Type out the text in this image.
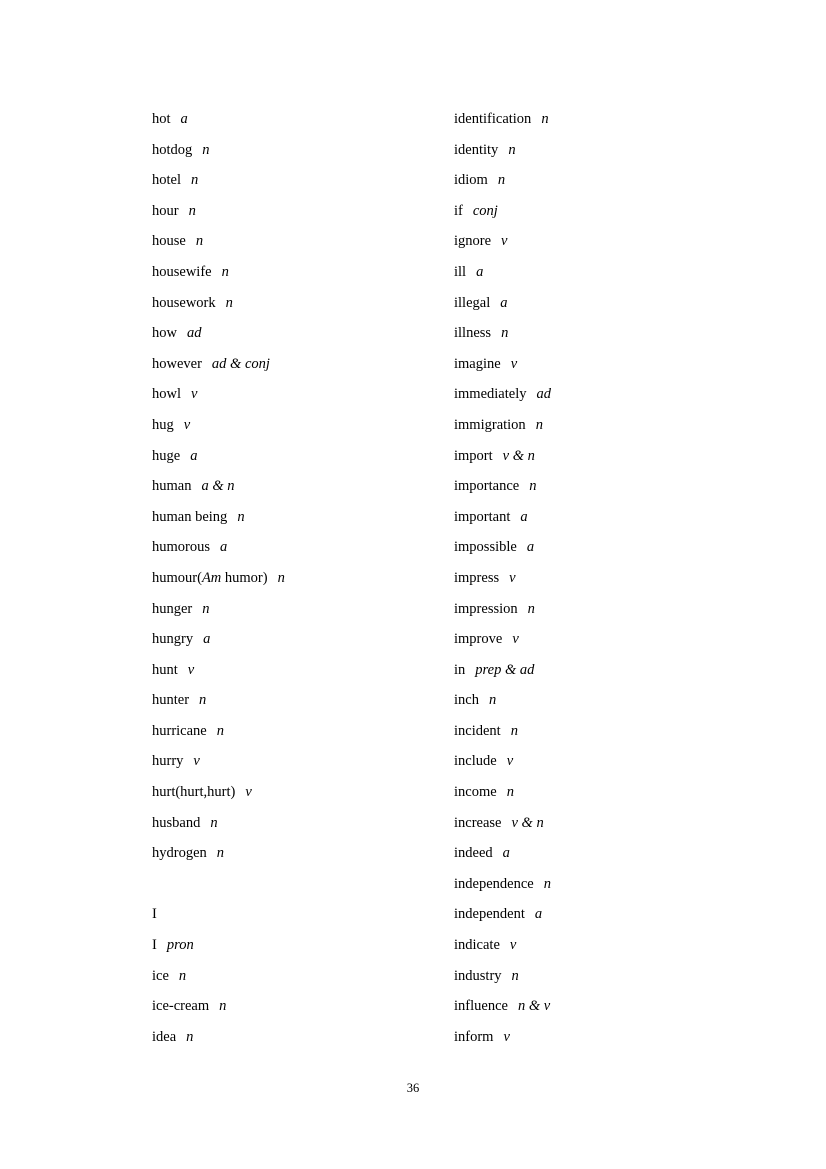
hot a
hotdog n
hotel n
hour n
house n
housewife n
housework n
how ad
however ad & conj
howl v
hug v
huge a
human a & n
human being n
humorous a
humour(Am humor) n
hunger n
hungry a
hunt v
hunter n
hurricane n
hurry v
hurt(hurt,hurt) v
husband n
hydrogen n
I
I pron
ice n
ice-cream n
idea n
identification n
identity n
idiom n
if conj
ignore v
ill a
illegal a
illness n
imagine v
immediately ad
immigration n
import v & n
importance n
important a
impossible a
impress v
impression n
improve v
in prep & ad
inch n
incident n
include v
income n
increase v & n
indeed a
independence n
independent a
indicate v
industry n
influence n & v
inform v
36
